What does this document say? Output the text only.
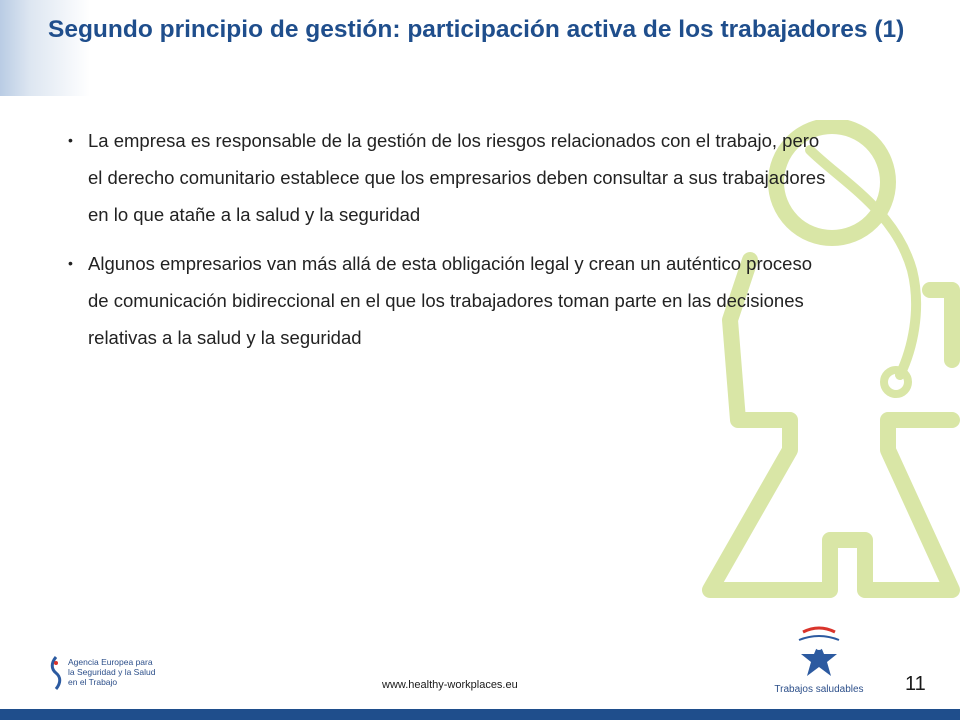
Segundo principio de gestión: participación activa de los trabajadores (1)
• La empresa es responsable de la gestión de los riesgos relacionados con el trabajo, pero el derecho comunitario establece que los empresarios deben consultar a sus trabajadores en lo que atañe a la salud y la seguridad
• Algunos empresarios van más allá de esta obligación legal y crean un auténtico proceso de comunicación bidireccional en el que los trabajadores toman parte en las decisiones relativas a la salud y la seguridad
Agencia Europea para
la Seguridad y la Salud
en el Trabajo	www.healthy-workplaces.eu	Trabajos saludables 11
